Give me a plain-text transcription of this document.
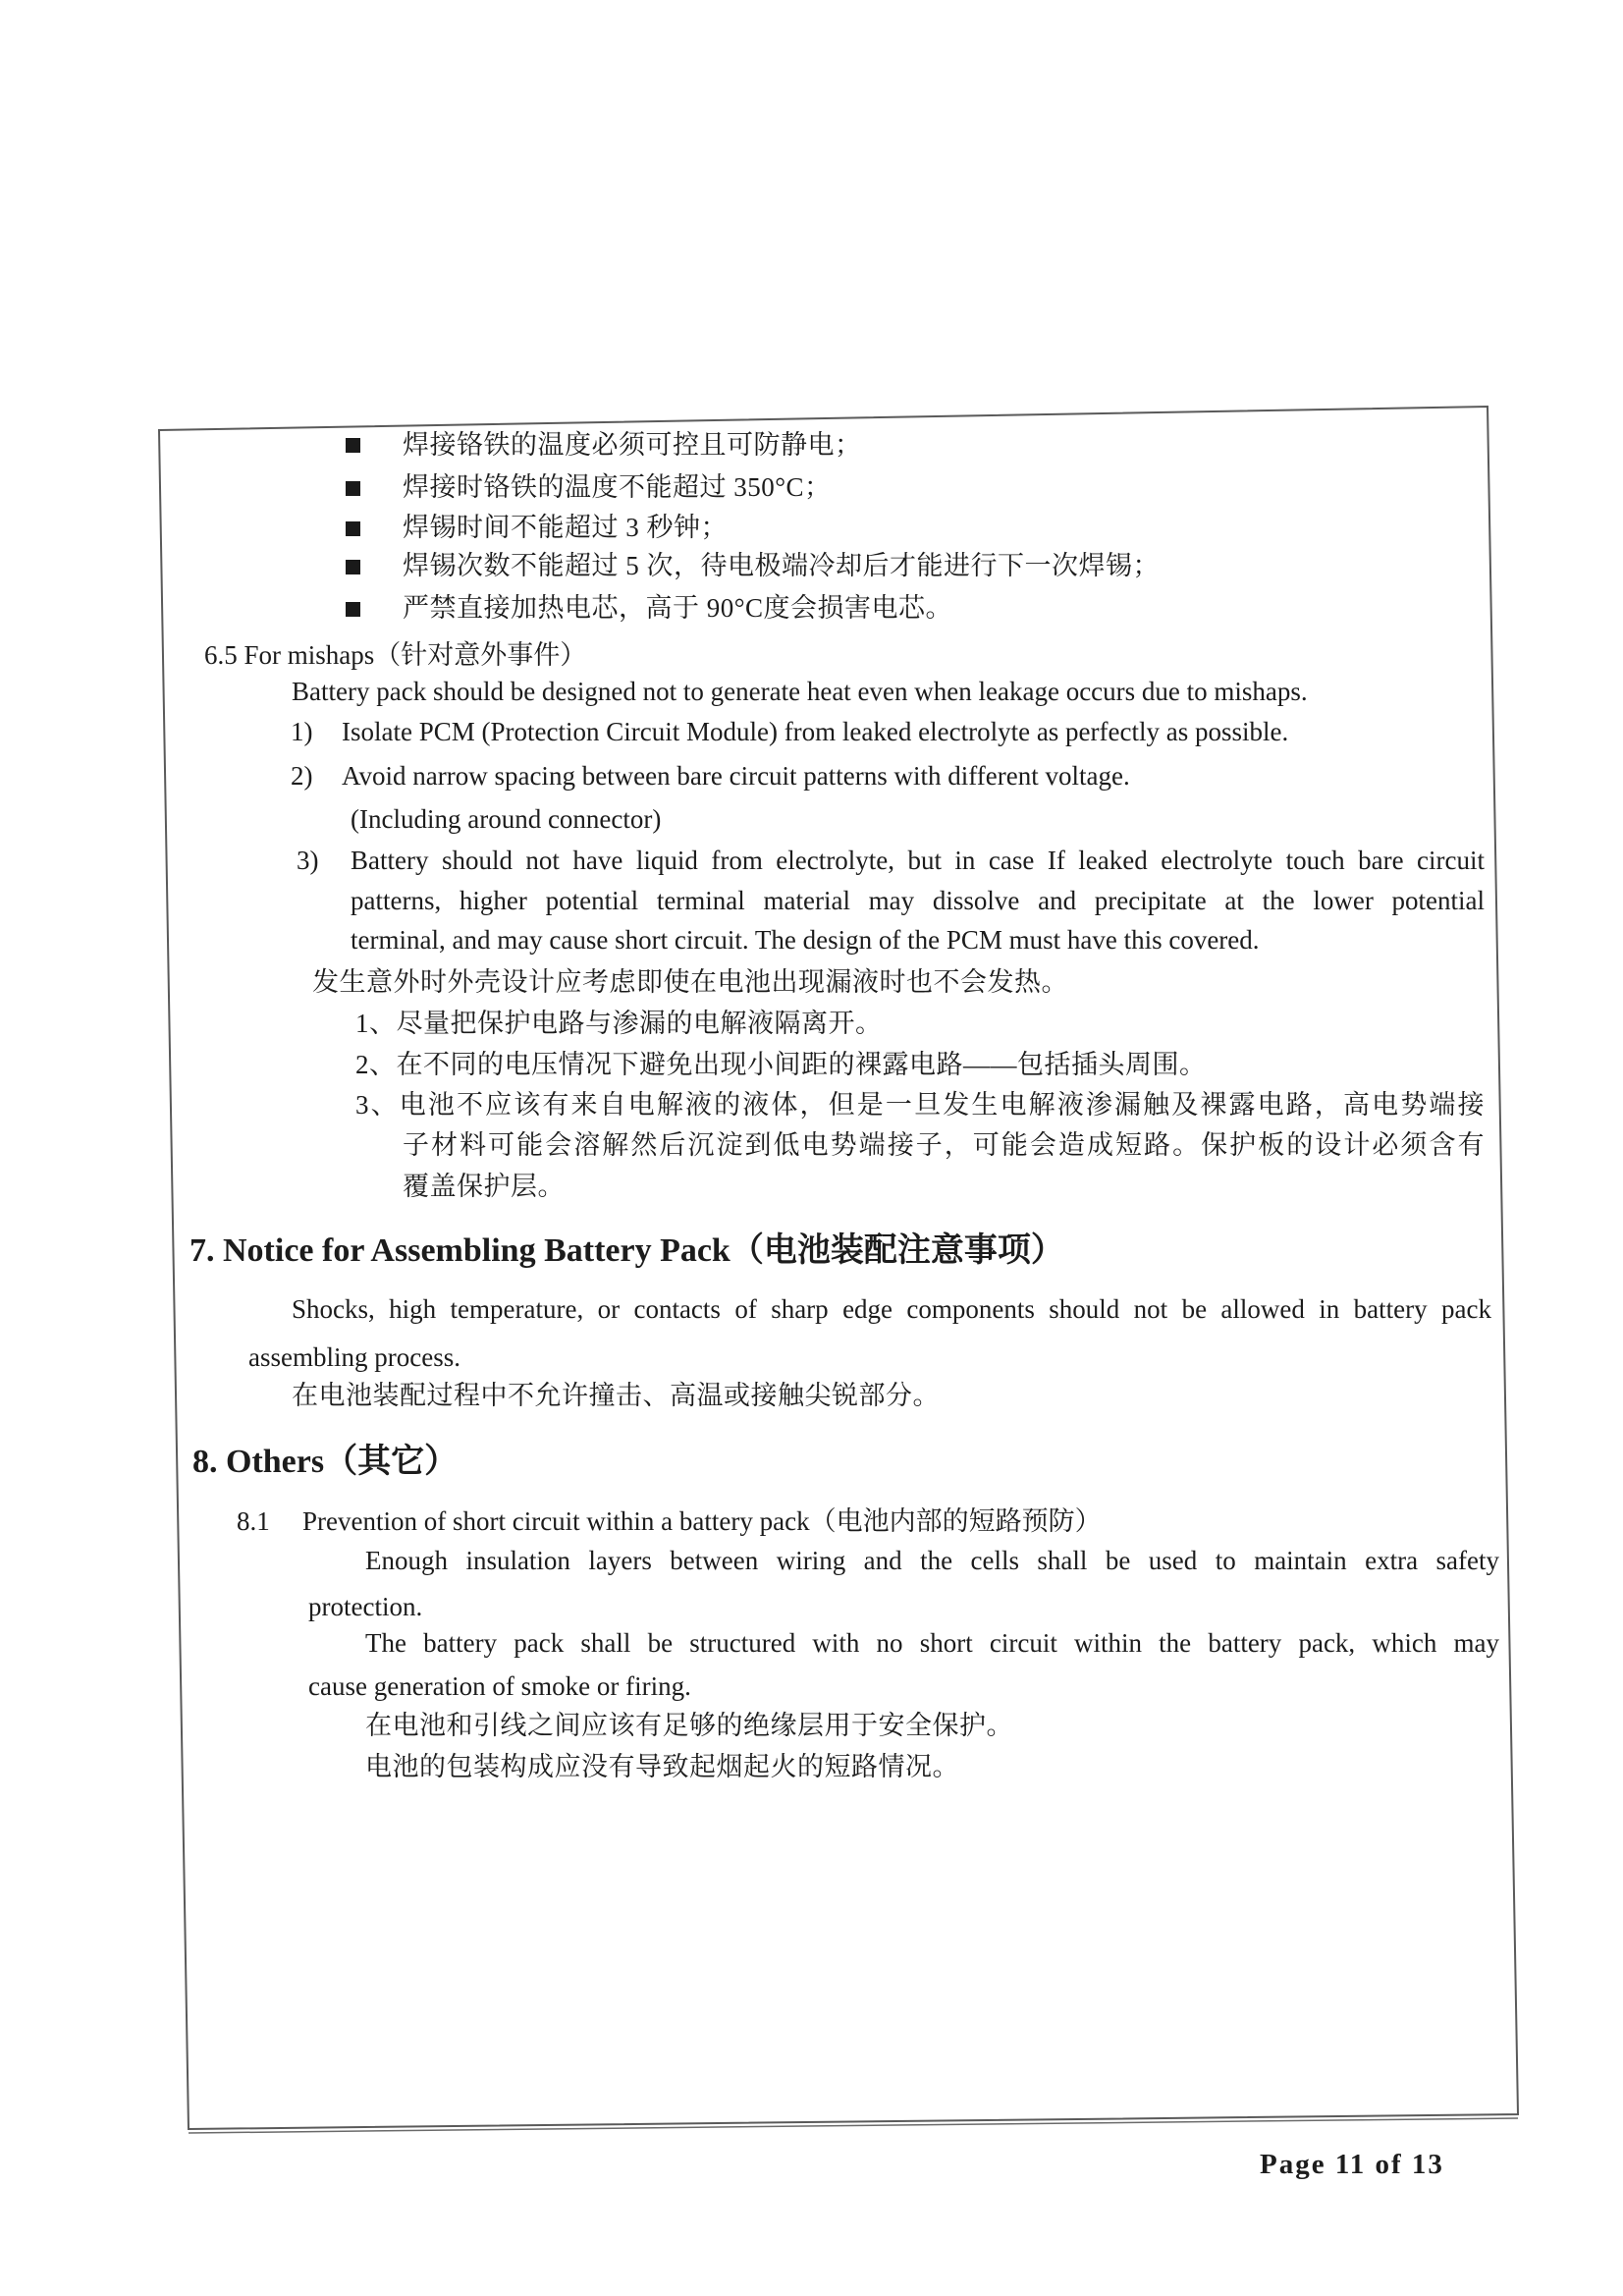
焊接铬铁的温度必须可控且可防静电；
焊接时铬铁的温度不能超过 350°C；
焊锡时间不能超过 3 秒钟；
焊锡次数不能超过 5 次，待电极端冷却后才能进行下一次焊锡；
严禁直接加热电芯，高于 90°C度会损害电芯。
6.5 For mishaps（针对意外事件）
Battery pack should be designed not to generate heat even when leakage occurs due to mishaps.
1) Isolate PCM (Protection Circuit Module) from leaked electrolyte as perfectly as possible.
2) Avoid narrow spacing between bare circuit patterns with different voltage.
(Including around connector)
3) Battery should not have liquid from electrolyte, but in case If leaked electrolyte touch bare circuit
patterns, higher potential terminal material may dissolve and precipitate at the lower potential
terminal, and may cause short circuit. The design of the PCM must have this covered.
发生意外时外壳设计应考虑即使在电池出现漏液时也不会发热。
1、尽量把保护电路与渗漏的电解液隔离开。
2、在不同的电压情况下避免出现小间距的裸露电路——包括插头周围。
3、电池不应该有来自电解液的液体，但是一旦发生电解液渗漏触及裸露电路，高电势端接
子材料可能会溶解然后沉淀到低电势端接子，可能会造成短路。保护板的设计必须含有
覆盖保护层。
7. Notice for Assembling Battery Pack（电池装配注意事项）
Shocks, high temperature, or contacts of sharp edge components should not be allowed in battery pack
assembling process.
在电池装配过程中不允许撞击、高温或接触尖锐部分。
8. Others（其它）
8.1 Prevention of short circuit within a battery pack（电池内部的短路预防）
Enough insulation layers between wiring and the cells shall be used to maintain extra safety
protection.
The battery pack shall be structured with no short circuit within the battery pack, which may
cause generation of smoke or firing.
在电池和引线之间应该有足够的绝缘层用于安全保护。
电池的包装构成应没有导致起烟起火的短路情况。
Page 11 of 13
